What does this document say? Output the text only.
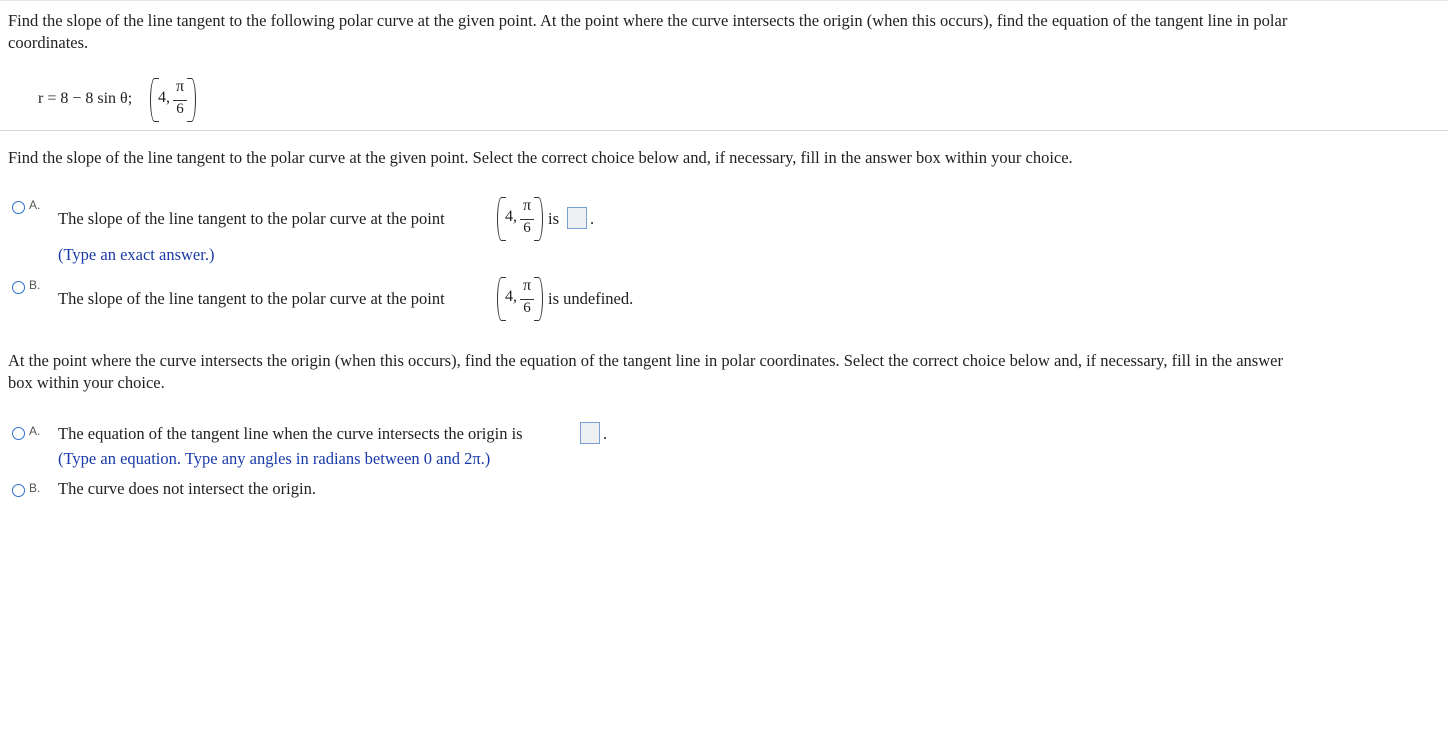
Find the slope of the line tangent to the following polar curve at the given point. At the point where the curve intersects the origin (when this occurs), find the equation of the tangent line in polar
coordinates.
r = 8 − 8 sin θ; 4,
π
6
Find the slope of the line tangent to the polar curve at the given point. Select the correct choice below and, if necessary, fill in the answer box within your choice.
A.
The slope of the line tangent to the polar curve at the point	4,
π
6 is .
(Type an exact answer.)
B.
The slope of the line tangent to the polar curve at the point	4,
π
6 is undefined.
At the point where the curve intersects the origin (when this occurs), find the equation of the tangent line in polar coordinates. Select the correct choice below and, if necessary, fill in the answer
box within your choice.
A. The equation of the tangent line when the curve intersects the origin is	.
(Type an equation. Type any angles in radians between 0 and 2π.)
B. The curve does not intersect the origin.
